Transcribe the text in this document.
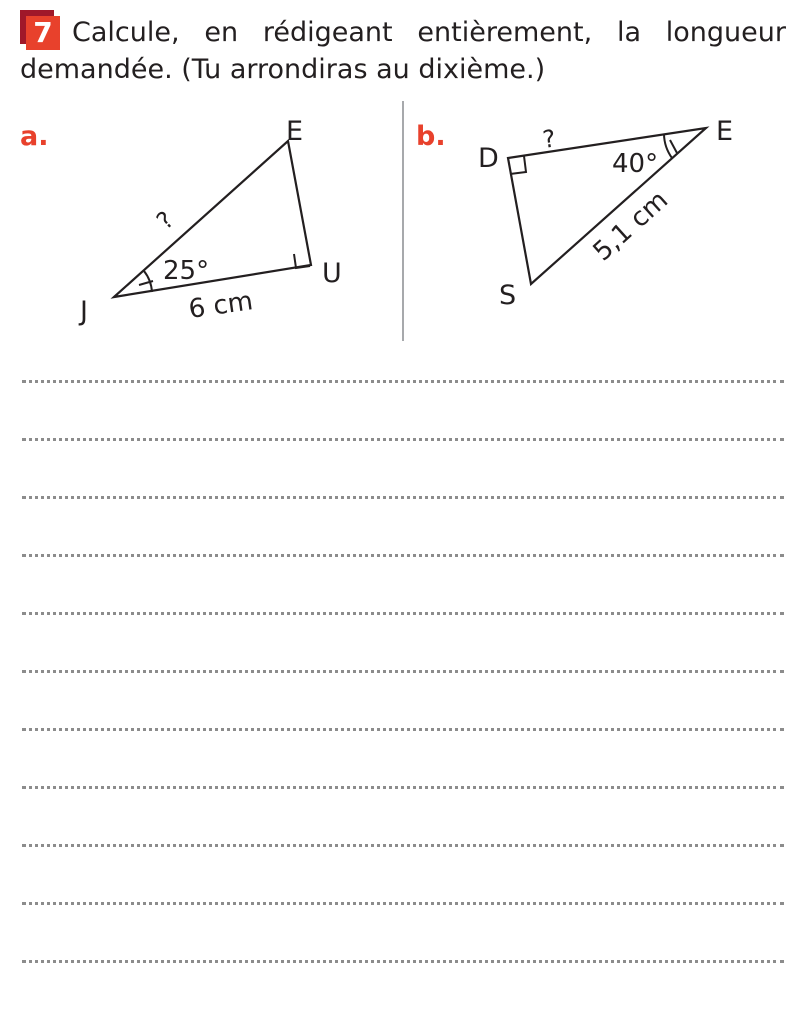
7 Calcule, en rédigeant entièrement, la longueur demandée. (Tu arrondiras au dixième.)

a.
J
E
U
25°
6 cm
?
b.
D
E
S
40°
5,1 cm
?
